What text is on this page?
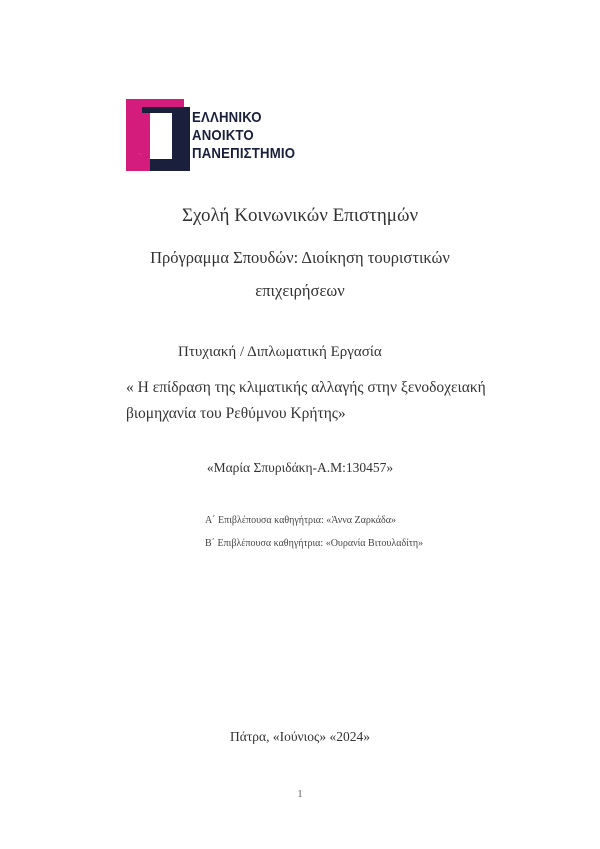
ΕΛΛΗΝΙΚΟ
ΑΝΟΙΚΤΟ
ΠΑΝΕΠΙΣΤΗΜΙΟ
Σχολή Κοινωνικών Επιστημών
Πρόγραμμα Σπουδών: Διοίκηση τουριστικών
επιχειρήσεων
Πτυχιακή / Διπλωματική Εργασία
« Η επίδραση της κλιματικής αλλαγής στην ξενοδοχειακή
βιομηχανία του Ρεθύμνου Κρήτης»
«Μαρία Σπυριδάκη-Α.Μ:130457»
Α΄ Επιβλέπουσα καθηγήτρια: «Άννα Ζαρκάδα»
Β΄ Επιβλέπουσα καθηγήτρια: «Ουρανία Βιτουλαδίτη»
Πάτρα, «Ιούνιος» «2024»
1
